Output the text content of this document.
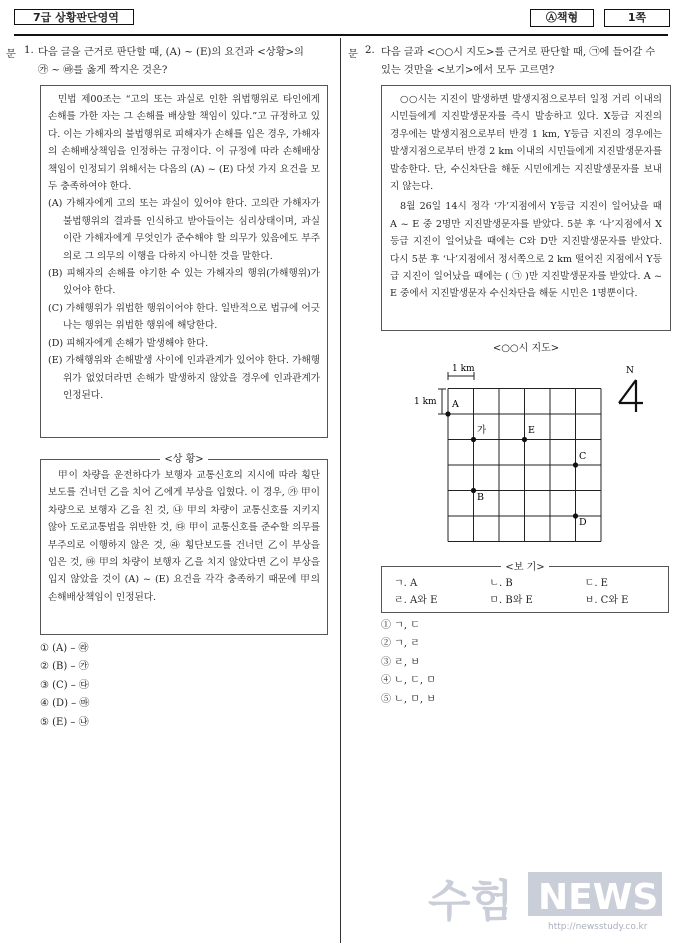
7급 상황판단영역	Ⓐ책형	1쪽
문 1. 다음 글을 근거로 판단할 때, (A) ~ (E)의 요건과 <상황>의
㉮ ~ ㉳를 옳게 짝지은 것은?

민법 제00조는 “고의 또는 과실로 인한 위법행위로 타인에게 손해를 가한 자는 그 손해를 배상할 책임이 있다.”고 규정하고 있다. 이는 가해자의 불법행위로 피해자가 손해를 입은 경우, 가해자의 손해배상책임을 인정하는 규정이다. 이 규정에 따라 손해배상책임이 인정되기 위해서는 다음의 (A) ~ (E) 다섯 가지 요건을 모두 충족하여야 한다.

(A) 가해자에게 고의 또는 과실이 있어야 한다. 고의란 가해자가 불법행위의 결과를 인식하고 받아들이는 심리상태이며, 과실이란 가해자에게 무엇인가 준수해야 할 의무가 있음에도 부주의로 그 의무의 이행을 다하지 아니한 것을 말한다.

(B) 피해자의 손해를 야기한 수 있는 가해자의 행위(가해행위)가 있어야 한다.

(C) 가해행위가 위법한 행위이어야 한다. 일반적으로 법규에 어긋나는 행위는 위법한 행위에 해당한다.

(D) 피해자에게 손해가 발생해야 한다.

(E) 가해행위와 손해발생 사이에 인과관계가 있어야 한다. 가해행위가 없었더라면 손해가 발생하지 않았을 경우에 인과관계가 인정된다.

<상 황>

甲이 차량을 운전하다가 보행자 교통신호의 지시에 따라 횡단보도를 건너던 乙을 치어 乙에게 부상을 입혔다. 이 경우, ㉮ 甲이 차량으로 보행자 乙을 친 것, ㉯ 甲의 차량이 교통신호를 지키지 않아 도로교통법을 위반한 것, ㉰ 甲이 교통신호를 준수할 의무를 부주의로 이행하지 않은 것, ㉱ 횡단보도를 건너던 乙이 부상을 입은 것, ㉲ 甲의 차량이 보행자 乙을 치지 않았다면 乙이 부상을 입지 않았을 것이 (A) ~ (E) 요건을 각각 충족하기 때문에 甲의 손해배상책임이 인정된다.

① (A) – ㉱
② (B) – ㉮
③ (C) – ㉰
④ (D) – ㉲
⑤ (E) – ㉯
문 2. 다음 글과 <○○시 지도>를 근거로 판단할 때, ㉠에 들어갈 수
있는 것만을 <보기>에서 모두 고르면?

○○시는 지진이 발생하면 발생지점으로부터 일정 거리 이내의 시민들에게 지진발생문자를 즉시 발송하고 있다. X등급 지진의 경우에는 발생지점으로부터 반경 1 km, Y등급 지진의 경우에는 발생지점으로부터 반경 2 km 이내의 시민들에게 지진발생문자를 발송한다. 단, 수신차단을 해둔 시민에게는 지진발생문자를 보내지 않는다.

8월 26일 14시 정각 ‘가’지점에서 Y등급 지진이 일어났을 때 A ~ E 중 2명만 지진발생문자를 받았다. 5분 후 ‘나’지점에서 X등급 지진이 일어났을 때에는 C와 D만 지진발생문자를 받았다. 다시 5분 후 ‘나’지점에서 정서쪽으로 2 km 떨어진 지점에서 Y등급 지진이 일어났을 때에는 ( ㉠ )만 지진발생문자를 받았다. A ~ E 중에서 지진발생문자 수신차단을 해둔 시민은 1명뿐이다.

<○○시 지도>
1 km
1 km A
가	E
C
B
D
N
<보 기>
ㄱ. A	ㄴ. B	ㄷ. E
ㄹ. A와 E	ㅁ. B와 E	ㅂ. C와 E
① ㄱ, ㄷ
② ㄱ, ㄹ
③ ㄹ, ㅂ
④ ㄴ, ㄷ, ㅁ
⑤ ㄴ, ㅁ, ㅂ
수험 NEWS
http://newsstudy.co.kr
